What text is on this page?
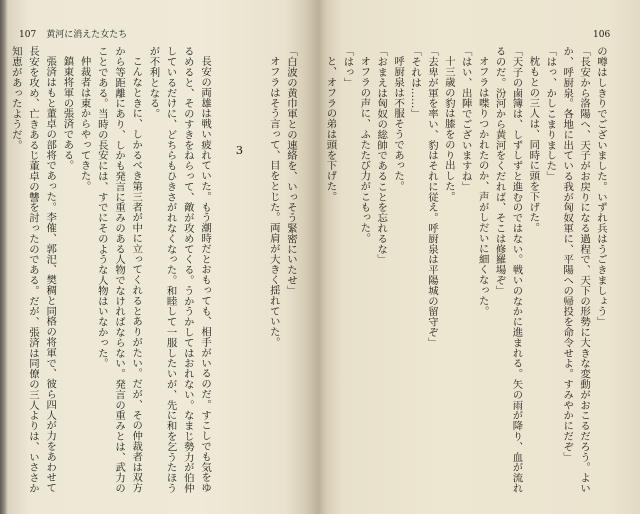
107 黄河に消えた女たち
「白波の黄巾軍との連絡を、いっそう緊密にいたせ」
オフラはそう言って、目をとじた。両肩が大きく揺れていた。
3
長安の両雄は戦い疲れていた。もう潮時だとおもっても、相手がいるのだ。すこしでも気をゆ
るめると、そのすきをねらって、敵が攻めてくる。うかうかしてはおれない。なまじ勢力が伯仲
しているだけに、どちらもひきさがれなくなった。和睦して一服したいが、先に和を乞うたほう
が不利となる。
こんなときに、しかるべき第三者が中に立ってくれるとありがたい。だが、その仲裁者は双方
から等距離にあり、しかも発言に重みのある人物でなければならない。発言の重みとは、武力の
ことである。当時の長安には、すでにそのような人物はいなかった。
仲裁者は東からやってきた。
鎮東将軍の張済である。
張済はもと董卓の部将であった。李傕、郭汜、樊稠と同格の将軍で、彼ら四人が力をあわせて
長安を攻め、亡きあるじ董卓の讐を討ったのである。だが、張済は同僚の三人よりは、いささか
知恵があったようだ。
106
の噂はしきりでございました。いずれ兵はうごきましょう」
「長安から洛陽へ、天子がお戻りになる過程で、天下の形勢に大きな変動がおこるだろう。よい
か、呼厨泉。各地に出ている我が匈奴軍に、平陽への帰投を命令せよ。すみやかにだぞ」
「はっ、かしこまりました」
枕もとの三人は、同時に頭を下げた。
「天子の鹵簿は、しずしずと進むのではない。戦いのなかに進まれる。矢の雨が降り、血が流れ
るのだ。汾河から黄河をくだれば、そこは修羅場ぞ」
オフラは喋りつかれたのか、声がしだいに細くなった。
「はい、出陣でございますね」
十三歳の豹は膝をのり出した。
「去卑が軍を率い、豹はそれに従え。呼厨泉は平陽城の留守ぞ」
「それは……」
呼厨泉は不服そうであった。
「おまえは匈奴の総帥であることを忘れるな」
オフラの声に、ふたたび力がこもった。
「はっ」
と、オフラの弟は頭を下げた。
